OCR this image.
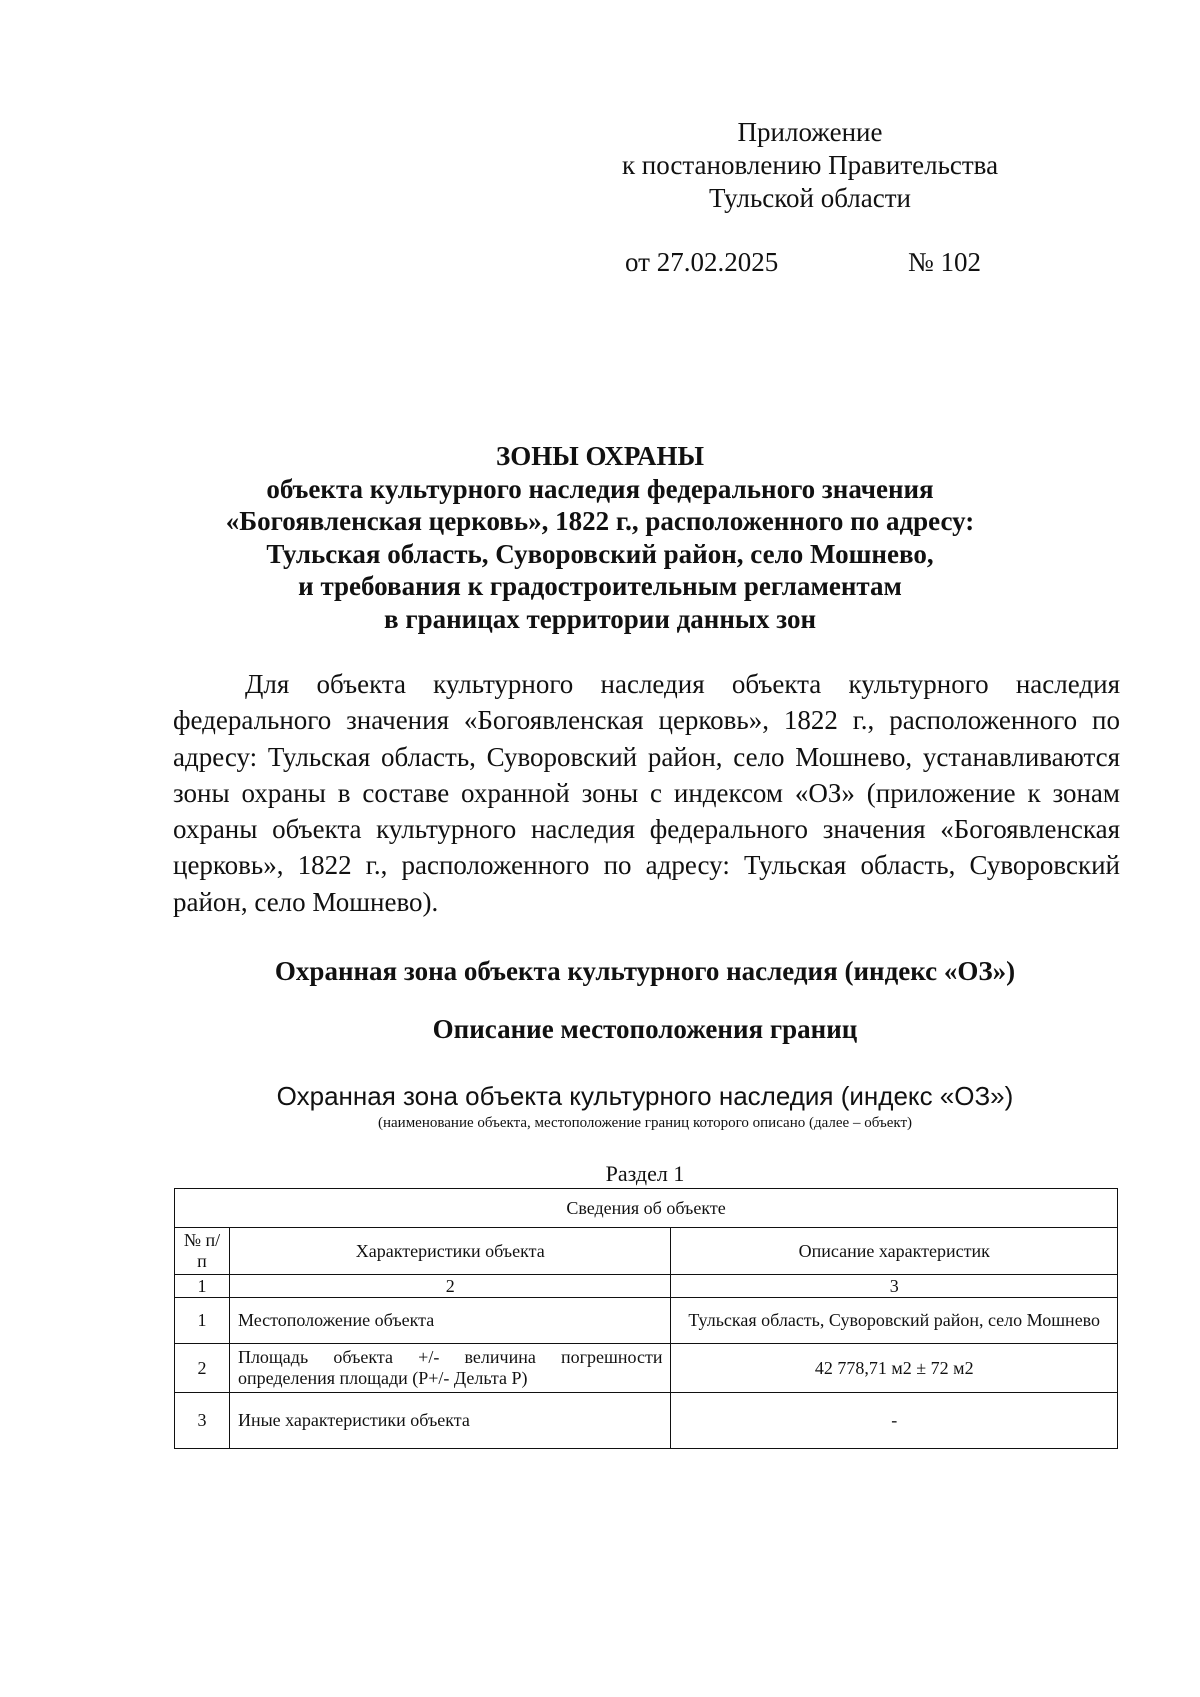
Приложение
к постановлению Правительства
Тульской области
от 27.02.2025	№ 102
ЗОНЫ ОХРАНЫ
объекта культурного наследия федерального значения
«Богоявленская церковь», 1822 г., расположенного по адресу:
Тульская область, Суворовский район, село Мошнево,
и требования к градостроительным регламентам
в границах территории данных зон
Для объекта культурного наследия объекта культурного наследия федерального значения «Богоявленская церковь», 1822 г., расположенного по адресу: Тульская область, Суворовский район, село Мошнево, устанавливаются зоны охраны в составе охранной зоны с индексом «ОЗ» (приложение к зонам охраны объекта культурного наследия федерального значения «Богоявленская церковь», 1822 г., расположенного по адресу: Тульская область, Суворовский район, село Мошнево).
Охранная зона объекта культурного наследия (индекс «ОЗ»)
Описание местоположения границ
Охранная зона объекта культурного наследия (индекс «ОЗ»)
(наименование объекта, местоположение границ которого описано (далее – объект)
Раздел 1
Сведения об объекте		
№ п/п	Характеристики объекта	Описание характеристик
1	2	3
1	Местоположение объекта	Тульская область, Суворовский район, село Мошнево
2	Площадь объекта +/- величина погрешности определения площади (P+/- Дельта P)	42 778,71 м2 ± 72 м2
3	Иные характеристики объекта	-
